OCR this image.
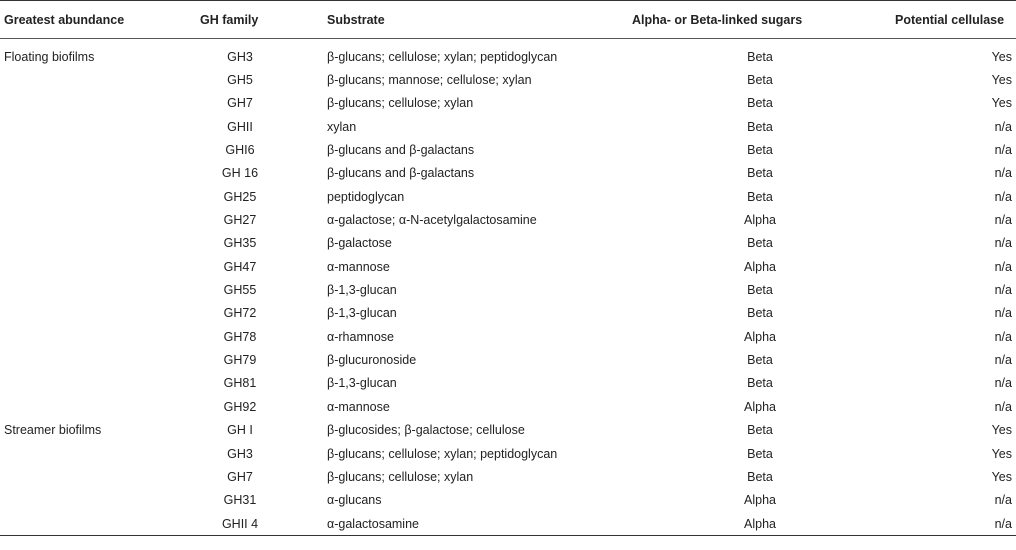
Greatest abundance	GH family	Substrate	Alpha- or Beta-linked sugars	Potential cellulase
Floating biofilms	GH3	β-glucans; cellulose; xylan; peptidoglycan	Beta	Yes
	GH5	β-glucans; mannose; cellulose; xylan	Beta	Yes
	GH7	β-glucans; cellulose; xylan	Beta	Yes
	GHII	xylan	Beta	n/a
	GHI6	β-glucans and β-galactans	Beta	n/a
	GH 16	β-glucans and β-galactans	Beta	n/a
	GH25	peptidoglycan	Beta	n/a
	GH27	α-galactose; α-N-acetylgalactosamine	Alpha	n/a
	GH35	β-galactose	Beta	n/a
	GH47	α-mannose	Alpha	n/a
	GH55	β-1,3-glucan	Beta	n/a
	GH72	β-1,3-glucan	Beta	n/a
	GH78	α-rhamnose	Alpha	n/a
	GH79	β-glucuronoside	Beta	n/a
	GH81	β-1,3-glucan	Beta	n/a
	GH92	α-mannose	Alpha	n/a
Streamer biofilms	GH I	β-glucosides; β-galactose; cellulose	Beta	Yes
	GH3	β-glucans; cellulose; xylan; peptidoglycan	Beta	Yes
	GH7	β-glucans; cellulose; xylan	Beta	Yes
	GH31	α-glucans	Alpha	n/a
	GHII 4	α-galactosamine	Alpha	n/a
